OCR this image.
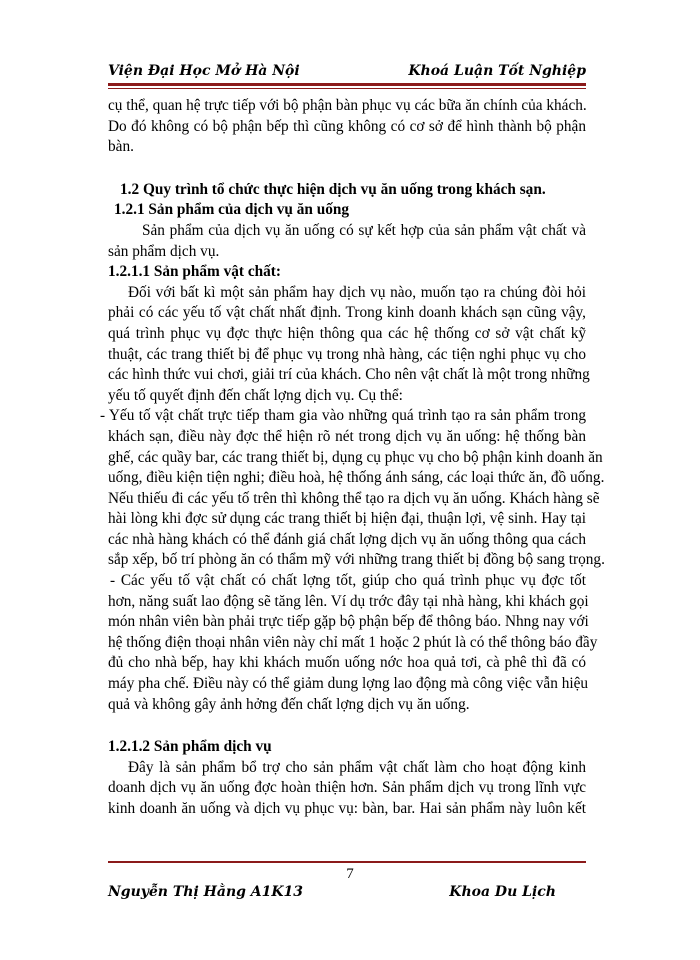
Viện Đại Học Mở Hà Nội	Khoá Luận Tốt Nghiệp
cụ thể, quan hệ trực tiếp với bộ phận bàn phục vụ các bữa ăn chính của khách.
Do đó không có bộ phận bếp thì cũng không có cơ sở để hình thành bộ phận
bàn.
1.2 Quy trình tổ chức thực hiện dịch vụ ăn uống trong khách sạn.
1.2.1 Sản phẩm của dịch vụ ăn uống
Sản phẩm của dịch vụ ăn uống có sự kết hợp của sản phẩm vật chất và
sản phẩm dịch vụ.
1.2.1.1 Sản phẩm vật chất:
Đối với bất kì một sản phẩm hay dịch vụ nào, muốn tạo ra chúng đòi hỏi
phải có các yếu tố vật chất nhất định. Trong kinh doanh khách sạn cũng vậy,
quá trình phục vụ đợc thực hiện thông qua các hệ thống cơ sở vật chất kỹ
thuật, các trang thiết bị để phục vụ trong nhà hàng, các tiện nghi phục vụ cho
các hình thức vui chơi, giải trí của khách. Cho nên vật chất là một trong những
yếu tố quyết định đến chất lợng dịch vụ. Cụ thể:
- Yếu tố vật chất trực tiếp tham gia vào những quá trình tạo ra sản phẩm trong
khách sạn, điều này đợc thể hiện rõ nét trong dịch vụ ăn uống: hệ thống bàn
ghế, các quầy bar, các trang thiết bị, dụng cụ phục vụ cho bộ phận kinh doanh ăn
uống, điều kiện tiện nghi; điều hoà, hệ thống ánh sáng, các loại thức ăn, đồ uống.
Nếu thiếu đi các yếu tố trên thì không thể tạo ra dịch vụ ăn uống. Khách hàng sẽ
hài lòng khi đợc sử dụng các trang thiết bị hiện đại, thuận lợi, vệ sinh. Hay tại
các nhà hàng khách có thể đánh giá chất lợng dịch vụ ăn uống thông qua cách
sắp xếp, bố trí phòng ăn có thẩm mỹ với những trang thiết bị đồng bộ sang trọng.
- Các yếu tố vật chất có chất lợng tốt, giúp cho quá trình phục vụ đợc tốt
hơn, năng suất lao động sẽ tăng lên. Ví dụ trớc đây tại nhà hàng, khi khách gọi
món nhân viên bàn phải trực tiếp gặp bộ phận bếp để thông báo. Nhng nay với
hệ thống điện thoại nhân viên này chỉ mất 1 hoặc 2 phút là có thể thông báo đầy
đủ cho nhà bếp, hay khi khách muốn uống nớc hoa quả tơi, cà phê thì đã có
máy pha chế. Điều này có thể giảm dung lợng lao động mà công việc vẫn hiệu
quả và không gây ảnh hởng đến chất lợng dịch vụ ăn uống.
1.2.1.2 Sản phẩm dịch vụ
Đây là sản phẩm bổ trợ cho sản phẩm vật chất làm cho hoạt động kinh
doanh dịch vụ ăn uống đợc hoàn thiện hơn. Sản phẩm dịch vụ trong lĩnh vực
kinh doanh ăn uống và dịch vụ phục vụ: bàn, bar. Hai sản phẩm này luôn kết
7
Nguyễn Thị Hằng A1K13	Khoa Du Lịch
